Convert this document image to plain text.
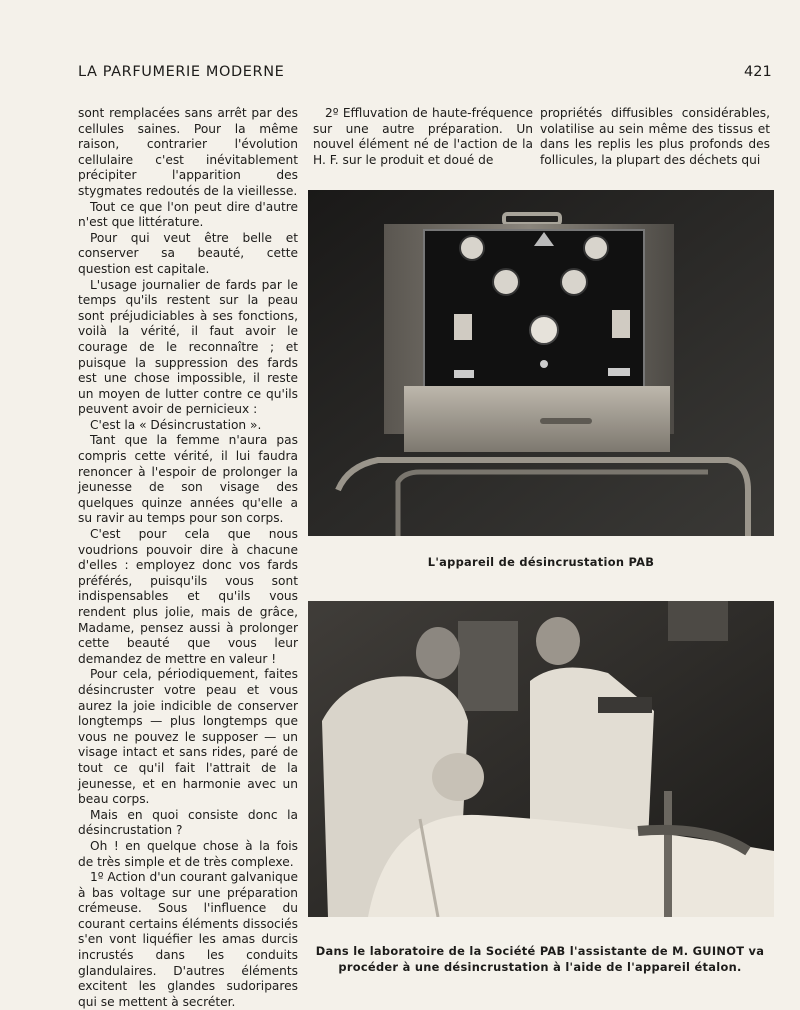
LA PARFUMERIE MODERNE	421

sont remplacées sans arrêt par des cellules saines. Pour la même raison, contrarier l'évolution cellulaire c'est inévitablement précipiter l'apparition des stygmates redoutés de la vieillesse.

Tout ce que l'on peut dire d'autre n'est que littérature.

Pour qui veut être belle et conserver sa beauté, cette question est capitale.

L'usage journalier de fards par le temps qu'ils restent sur la peau sont préjudiciables à ses fonctions, voilà la vérité, il faut avoir le courage de le reconnaître ; et puisque la suppression des fards est une chose impossible, il reste un moyen de lutter contre ce qu'ils peuvent avoir de pernicieux :

C'est la « Désincrustation ».

Tant que la femme n'aura pas compris cette vérité, il lui faudra renoncer à l'espoir de prolonger la jeunesse de son visage des quelques quinze années qu'elle a su ravir au temps pour son corps.

C'est pour cela que nous voudrions pouvoir dire à chacune d'elles : employez donc vos fards préférés, puisqu'ils vous sont indispensables et qu'ils vous rendent plus jolie, mais de grâce, Madame, pensez aussi à prolonger cette beauté que vous leur demandez de mettre en valeur !

Pour cela, périodiquement, faites désincruster votre peau et vous aurez la joie indicible de conserver longtemps — plus longtemps que vous ne pouvez le supposer — un visage intact et sans rides, paré de tout ce qu'il fait l'attrait de la jeunesse, et en harmonie avec un beau corps.

Mais en quoi consiste donc la désincrustation ?

Oh ! en quelque chose à la fois de très simple et de très complexe.

1º Action d'un courant galvanique à bas voltage sur une préparation crémeuse. Sous l'influence du courant certains éléments dissociés s'en vont liquéfier les amas durcis incrustés dans les conduits glandulaires. D'autres éléments excitent les glandes sudoripares qui se mettent à secréter.

2º Effluvation de haute-fréquence sur une autre préparation. Un nouvel élément né de l'action de la H. F. sur le produit et doué de

propriétés diffusibles considérables, volatilise au sein même des tissus et dans les replis les plus profonds des follicules, la plupart des déchets qui

L'appareil de désincrustation PAB
Dans le laboratoire de la Société PAB l'assistante de M. GUINOT va procéder à une désincrustation à l'aide de l'appareil étalon.
